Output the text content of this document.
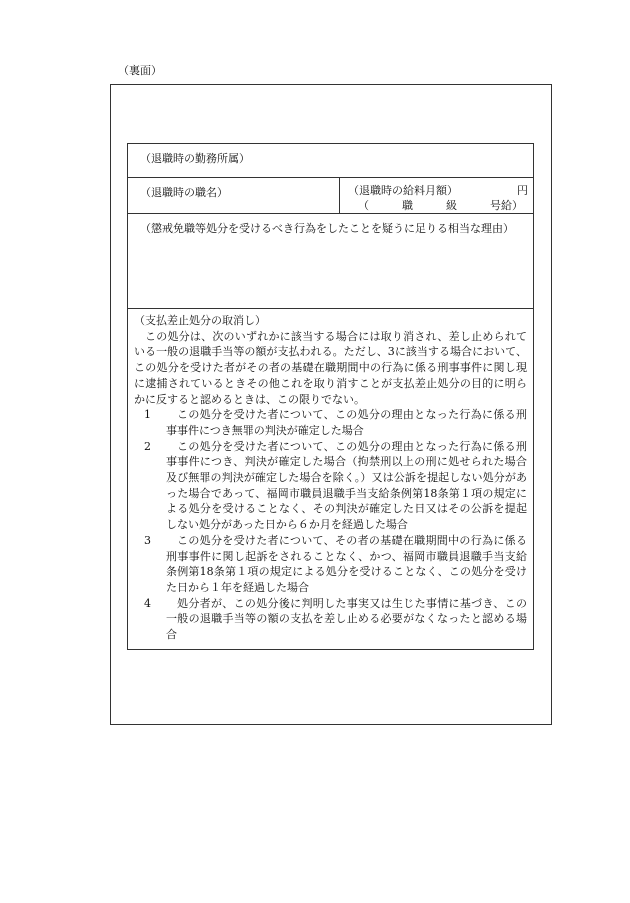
（裏面）
（退職時の勤務所属）
（退職時の職名）	（退職時の給料月額）	円
（	職	級	号給）
（懲戒免職等処分を受けるべき行為をしたことを疑うに足りる相当な理由）
（支払差止処分の取消し）
この処分は、次のいずれかに該当する場合には取り消され、差し止められている一般の退職手当等の額が支払われる。ただし、3に該当する場合において、この処分を受けた者がその者の基礎在職期間中の行為に係る刑事事件に関し現に逮捕されているときその他これを取り消すことが支払差止処分の目的に明らかに反すると認めるときは、この限りでない。
1	この処分を受けた者について、この処分の理由となった行為に係る刑事事件につき無罪の判決が確定した場合
2	この処分を受けた者について、この処分の理由となった行為に係る刑事事件につき、判決が確定した場合（拘禁刑以上の刑に処せられた場合及び無罪の判決が確定した場合を除く。）又は公訴を提起しない処分があった場合であって、福岡市職員退職手当支給条例第18条第１項の規定による処分を受けることなく、その判決が確定した日又はその公訴を提起しない処分があった日から６か月を経過した場合
3	この処分を受けた者について、その者の基礎在職期間中の行為に係る刑事事件に関し起訴をされることなく、かつ、福岡市職員退職手当支給条例第18条第１項の規定による処分を受けることなく、この処分を受けた日から１年を経過した場合
4	処分者が、この処分後に判明した事実又は生じた事情に基づき、この一般の退職手当等の額の支払を差し止める必要がなくなったと認める場合
